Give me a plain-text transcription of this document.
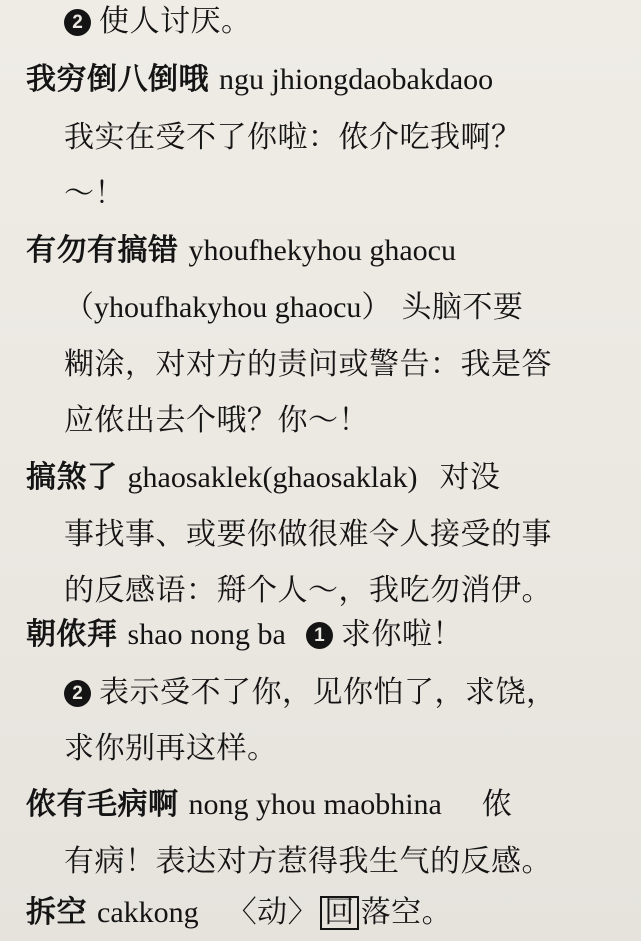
2 使人讨厌。
我穷倒八倒哦 ngu jhiongdaobakdaoo
我实在受不了你啦：侬介吃我啊？
～！
有勿有搞错 yhoufhekyhou ghaocu
（yhoufhakyhou ghaocu） 头脑不要
糊涂，对对方的责问或警告：我是答
应侬出去个哦？你～！
搞煞了 ghaosaklek(ghaosaklak) 对没
事找事、或要你做很难令人接受的事
的反感语：搿个人～，我吃勿消伊。
朝侬拜 shao nong ba 1 求你啦！
2 表示受不了你，见你怕了，求饶，
求你别再这样。
侬有毛病啊 nong yhou maobhina 侬
有病！表达对方惹得我生气的反感。
拆空 cakkong 〈动〉 回 落空。
